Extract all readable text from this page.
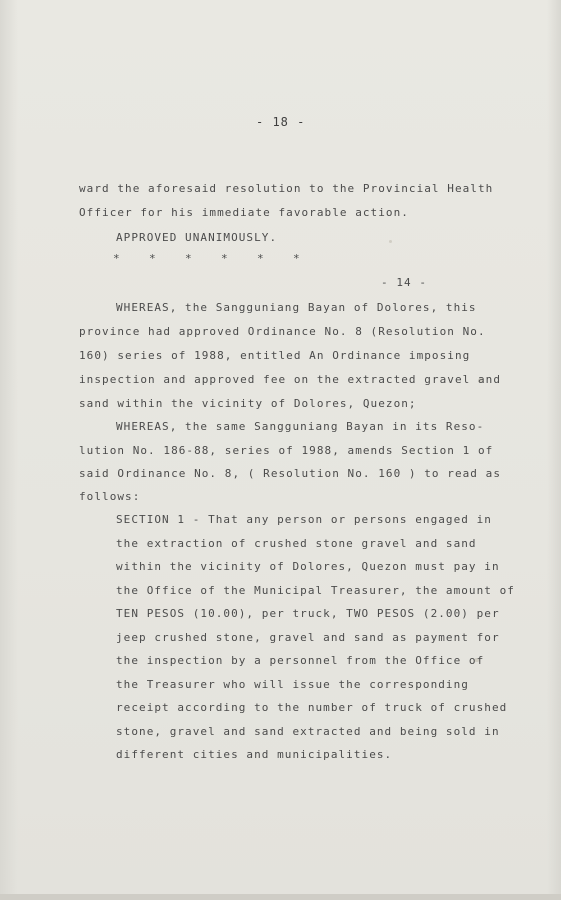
- 18 -
ward the aforesaid resolution to the Provincial Health
Officer for his immediate favorable action.
APPROVED UNANIMOUSLY.
*	*	*	*	*	*
- 14 -
WHEREAS, the Sangguniang Bayan of Dolores, this
province had approved Ordinance No. 8 (Resolution No.
160) series of 1988, entitled An Ordinance imposing
inspection and approved fee on the extracted gravel and
sand within the vicinity of Dolores, Quezon;
WHEREAS, the same Sangguniang Bayan in its Reso-
lution No. 186-88, series of 1988, amends Section 1 of
said Ordinance No. 8, ( Resolution No. 160 ) to read as
follows:
SECTION 1 - That any person or persons engaged in
the extraction of crushed stone gravel and sand
within the vicinity of Dolores, Quezon must pay in
the Office of the Municipal Treasurer, the amount of
TEN PESOS (10.00), per truck, TWO PESOS (2.00) per
jeep crushed stone, gravel and sand as payment for
the inspection by a personnel from the Office of
the Treasurer who will issue the corresponding
receipt according to the number of truck of crushed
stone, gravel and sand extracted and being sold in
different cities and municipalities.
